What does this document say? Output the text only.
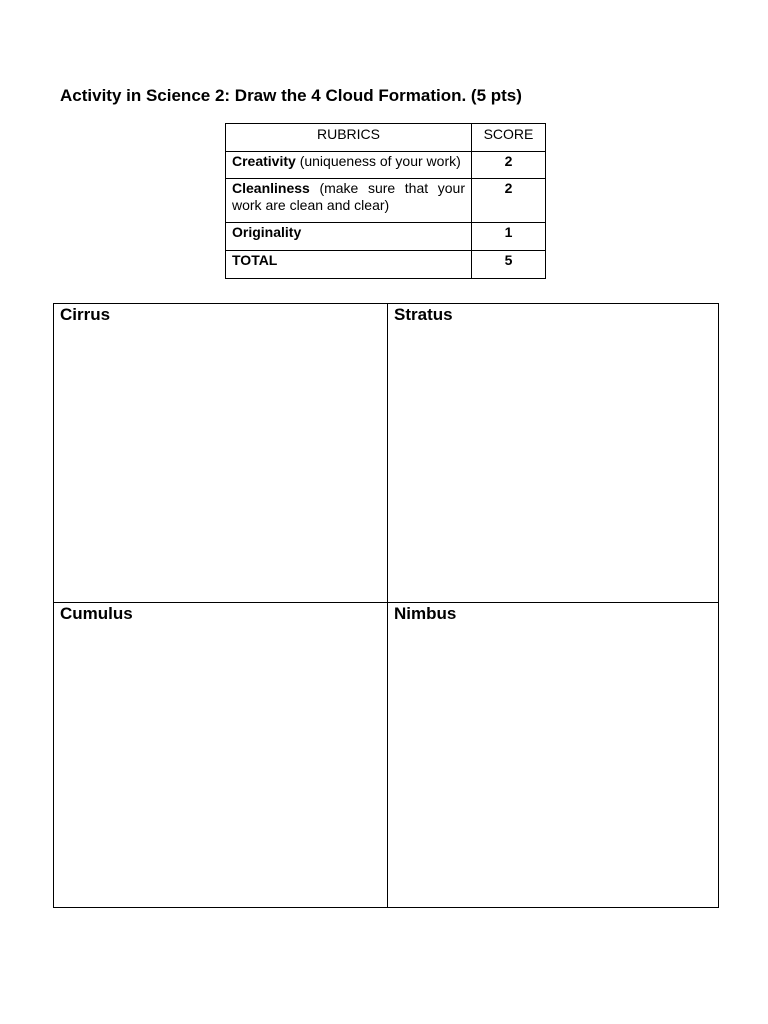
Activity in Science 2: Draw the 4 Cloud Formation. (5 pts)
RUBRICS	SCORE
Creativity (uniqueness of your work)	2
Cleanliness (make sure that your work are clean and clear)	2
Originality	1
TOTAL	5
Cirrus	Stratus
Cumulus	Nimbus
